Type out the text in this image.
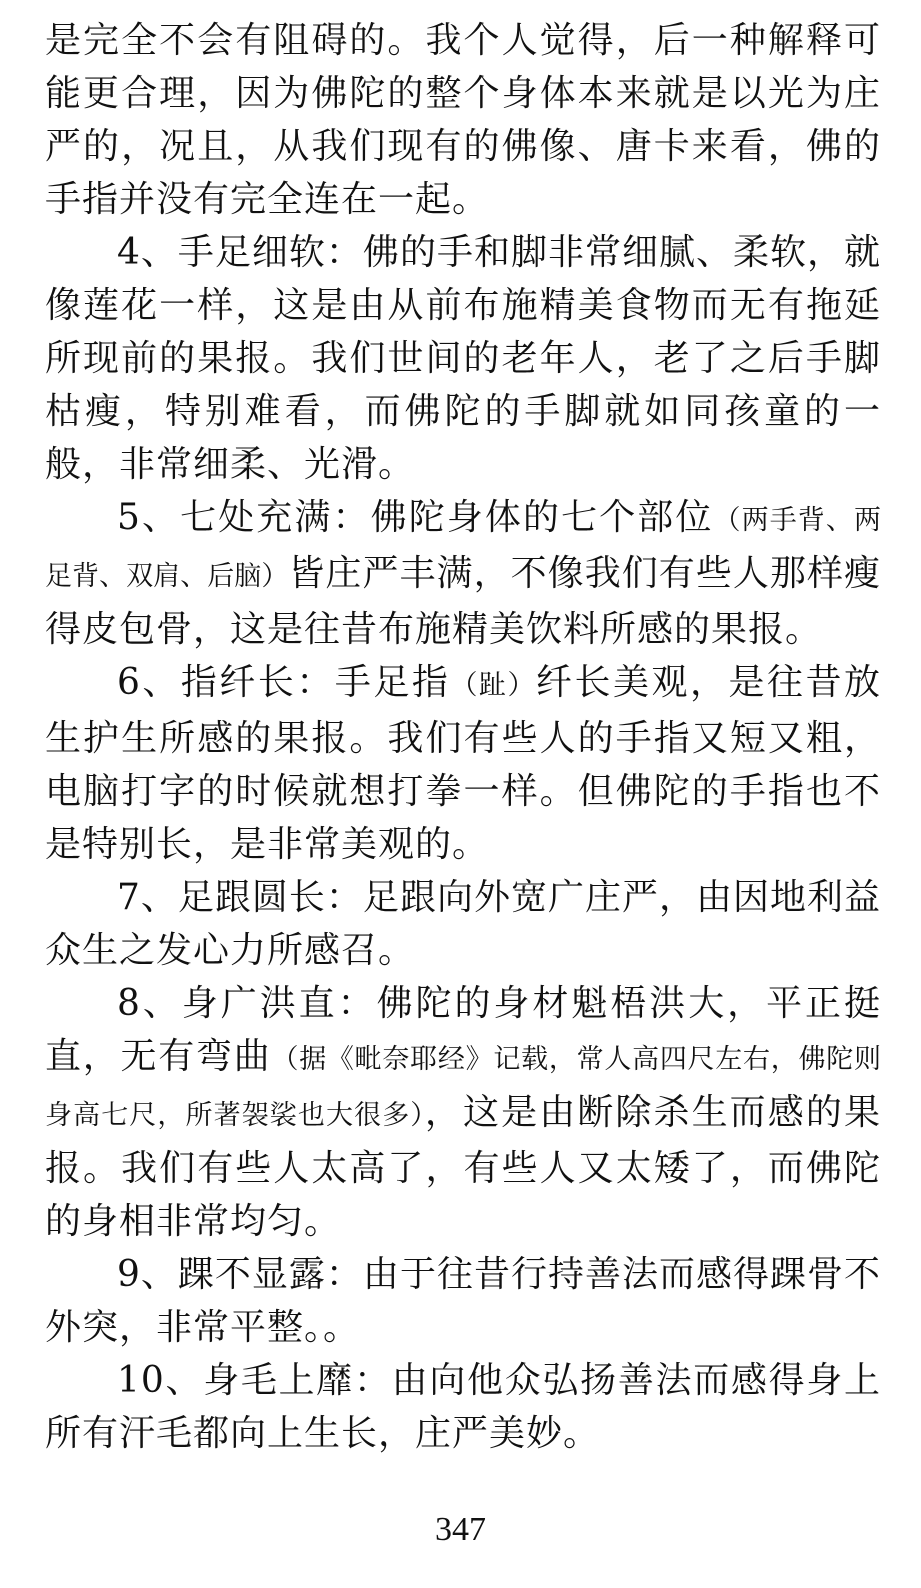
是完全不会有阻碍的。我个人觉得，后一种解释可能更合理，因为佛陀的整个身体本来就是以光为庄严的，况且，从我们现有的佛像、唐卡来看，佛的手指并没有完全连在一起。

4、手足细软：佛的手和脚非常细腻、柔软，就像莲花一样，这是由从前布施精美食物而无有拖延所现前的果报。我们世间的老年人，老了之后手脚枯瘦，特别难看，而佛陀的手脚就如同孩童的一般，非常细柔、光滑。

5、七处充满：佛陀身体的七个部位（两手背、两足背、双肩、后脑）皆庄严丰满，不像我们有些人那样瘦得皮包骨，这是往昔布施精美饮料所感的果报。

6、指纤长：手足指（趾）纤长美观，是往昔放生护生所感的果报。我们有些人的手指又短又粗，电脑打字的时候就想打拳一样。但佛陀的手指也不是特别长，是非常美观的。

7、足跟圆长：足跟向外宽广庄严，由因地利益众生之发心力所感召。

8、身广洪直：佛陀的身材魁梧洪大，平正挺直，无有弯曲（据《毗奈耶经》记载，常人高四尺左右，佛陀则身高七尺，所著袈裟也大很多），这是由断除杀生而感的果报。我们有些人太高了，有些人又太矮了，而佛陀的身相非常均匀。

9、踝不显露：由于往昔行持善法而感得踝骨不外突，非常平整。。

10、身毛上靡：由向他众弘扬善法而感得身上所有汗毛都向上生长，庄严美妙。

347
